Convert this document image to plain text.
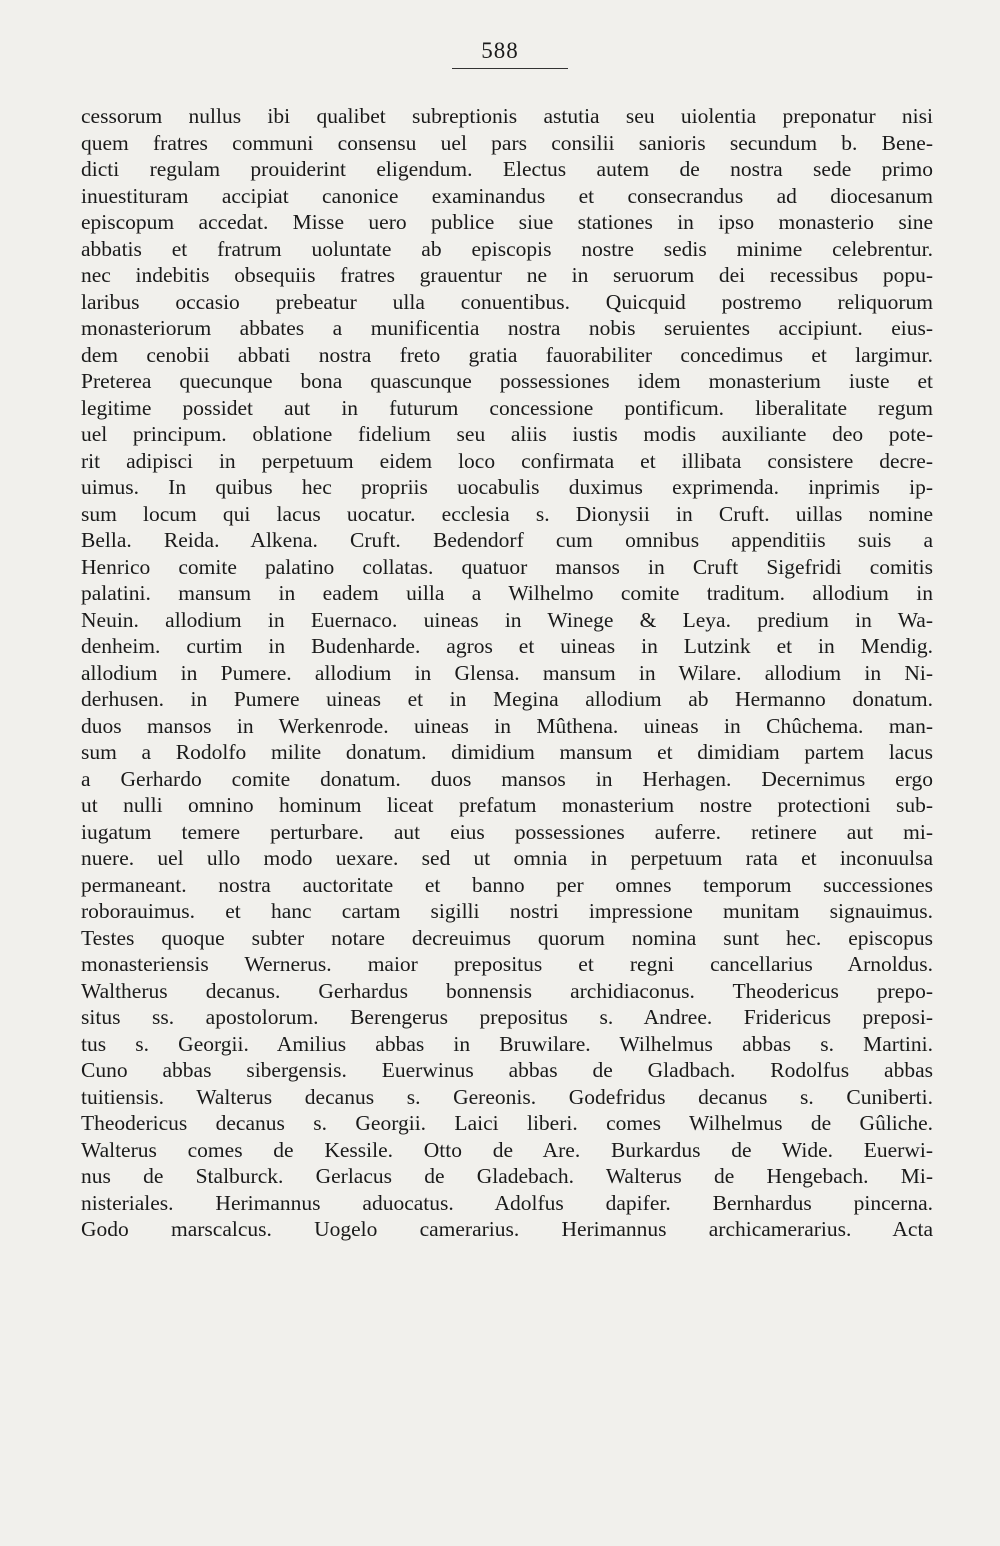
588
cessorum nullus ibi qualibet subreptionis astutia seu uiolentia preponatur nisi
quem fratres communi consensu uel pars consilii sanioris secundum b. Bene-
dicti regulam prouiderint eligendum. Electus autem de nostra sede primo
inuestituram accipiat canonice examinandus et consecrandus ad diocesanum
episcopum accedat. Misse uero publice siue stationes in ipso monasterio sine
abbatis et fratrum uoluntate ab episcopis nostre sedis minime celebrentur.
nec indebitis obsequiis fratres grauentur ne in seruorum dei recessibus popu-
laribus occasio prebeatur ulla conuentibus. Quicquid postremo reliquorum
monasteriorum abbates a munificentia nostra nobis seruientes accipiunt. eius-
dem cenobii abbati nostra freto gratia fauorabiliter concedimus et largimur.
Preterea quecunque bona quascunque possessiones idem monasterium iuste et
legitime possidet aut in futurum concessione pontificum. liberalitate regum
uel principum. oblatione fidelium seu aliis iustis modis auxiliante deo pote-
rit adipisci in perpetuum eidem loco confirmata et illibata consistere decre-
uimus. In quibus hec propriis uocabulis duximus exprimenda. inprimis ip-
sum locum qui lacus uocatur. ecclesia s. Dionysii in Cruft. uillas nomine
Bella. Reida. Alkena. Cruft. Bedendorf cum omnibus appenditiis suis a
Henrico comite palatino collatas. quatuor mansos in Cruft Sigefridi comitis
palatini. mansum in eadem uilla a Wilhelmo comite traditum. allodium in
Neuin. allodium in Euernaco. uineas in Winege & Leya. predium in Wa-
denheim. curtim in Budenharde. agros et uineas in Lutzink et in Mendig.
allodium in Pumere. allodium in Glensa. mansum in Wilare. allodium in Ni-
derhusen. in Pumere uineas et in Megina allodium ab Hermanno donatum.
duos mansos in Werkenrode. uineas in Mûthena. uineas in Chûchema. man-
sum a Rodolfo milite donatum. dimidium mansum et dimidiam partem lacus
a Gerhardo comite donatum. duos mansos in Herhagen. Decernimus ergo
ut nulli omnino hominum liceat prefatum monasterium nostre protectioni sub-
iugatum temere perturbare. aut eius possessiones auferre. retinere aut mi-
nuere. uel ullo modo uexare. sed ut omnia in perpetuum rata et inconuulsa
permaneant. nostra auctoritate et banno per omnes temporum successiones
roborauimus. et hanc cartam sigilli nostri impressione munitam signauimus.
Testes quoque subter notare decreuimus quorum nomina sunt hec. episcopus
monasteriensis Wernerus. maior prepositus et regni cancellarius Arnoldus.
Waltherus decanus. Gerhardus bonnensis archidiaconus. Theodericus prepo-
situs ss. apostolorum. Berengerus prepositus s. Andree. Fridericus preposi-
tus s. Georgii. Amilius abbas in Bruwilare. Wilhelmus abbas s. Martini.
Cuno abbas sibergensis. Euerwinus abbas de Gladbach. Rodolfus abbas
tuitiensis. Walterus decanus s. Gereonis. Godefridus decanus s. Cuniberti.
Theodericus decanus s. Georgii. Laici liberi. comes Wilhelmus de Gûliche.
Walterus comes de Kessile. Otto de Are. Burkardus de Wide. Euerwi-
nus de Stalburck. Gerlacus de Gladebach. Walterus de Hengebach. Mi-
nisteriales. Herimannus aduocatus. Adolfus dapifer. Bernhardus pincerna.
Godo marscalcus. Uogelo camerarius. Herimannus archicamerarius. Acta
